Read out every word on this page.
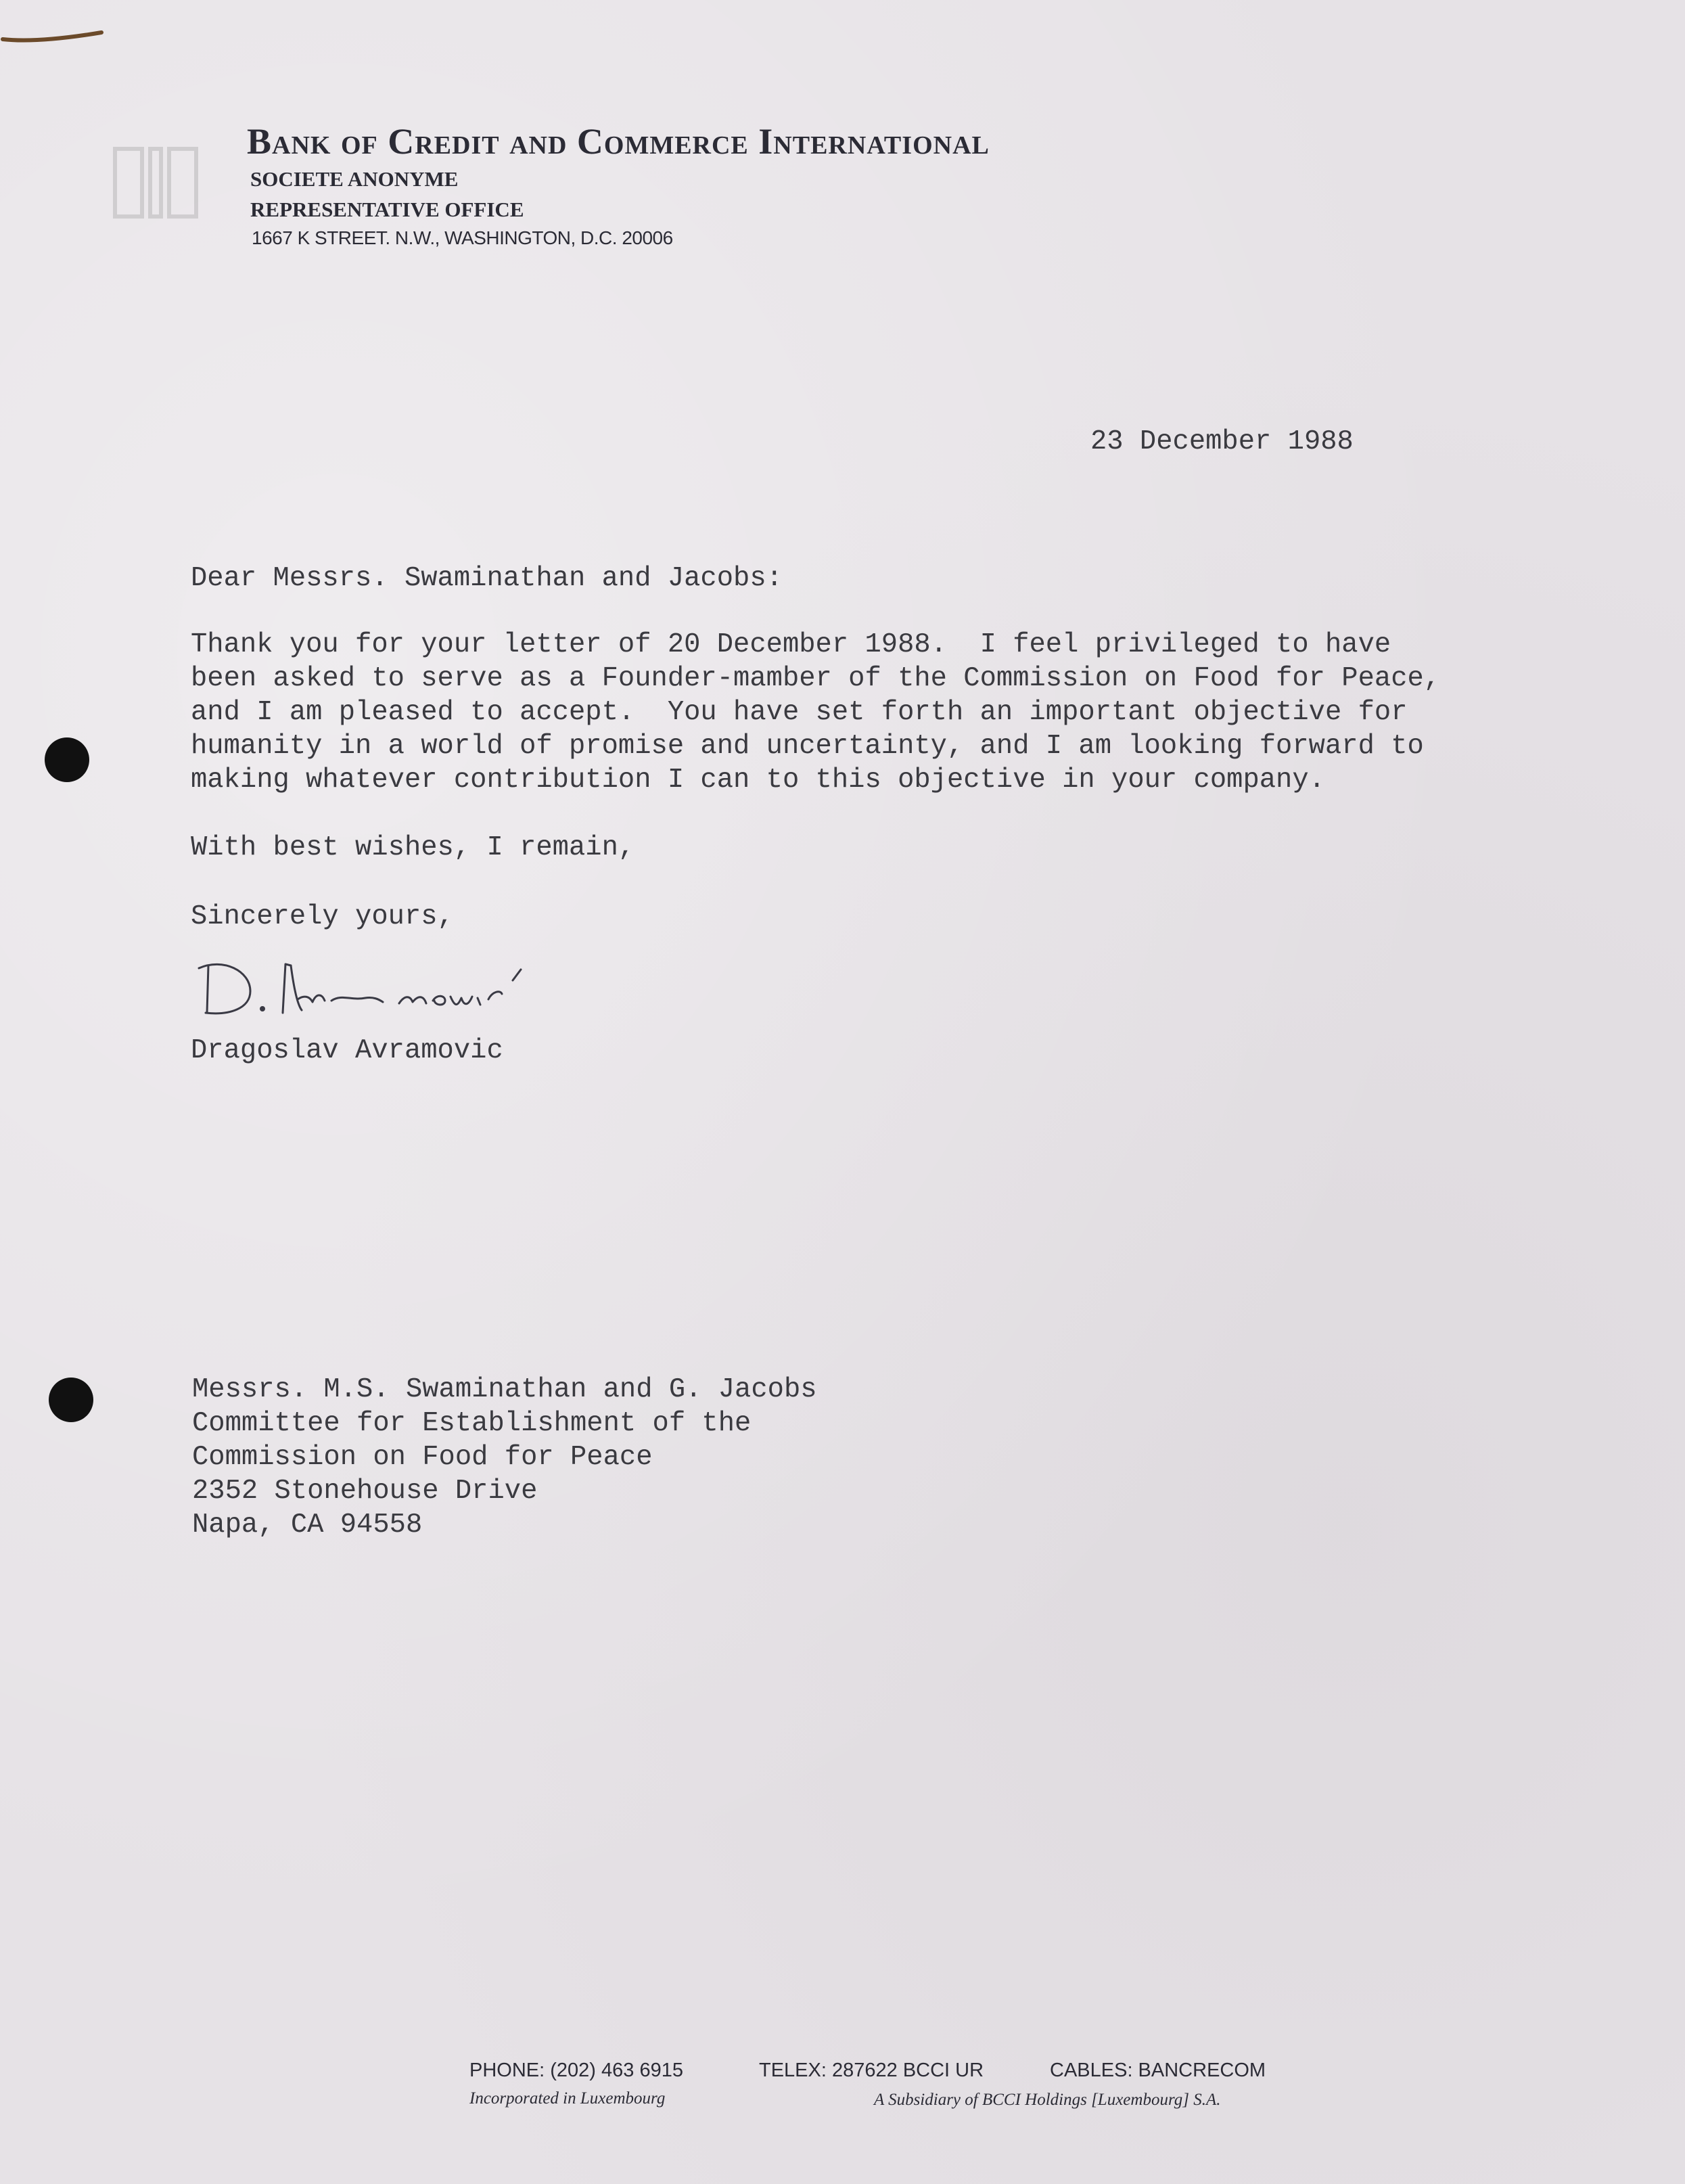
Bank of Credit and Commerce International
SOCIETE ANONYME
REPRESENTATIVE OFFICE
1667 K STREET. N.W., WASHINGTON, D.C. 20006
23 December 1988
Dear Messrs. Swaminathan and Jacobs:
Thank you for your letter of 20 December 1988.  I feel privileged to have
been asked to serve as a Founder-mamber of the Commission on Food for Peace,
and I am pleased to accept.  You have set forth an important objective for
humanity in a world of promise and uncertainty, and I am looking forward to
making whatever contribution I can to this objective in your company.
With best wishes, I remain,
Sincerely yours,
Dragoslav Avramovic
Messrs. M.S. Swaminathan and G. Jacobs
Committee for Establishment of the
Commission on Food for Peace
2352 Stonehouse Drive
Napa, CA 94558
PHONE: (202) 463 6915	TELEX: 287622 BCCI UR	CABLES: BANCRECOM
Incorporated in Luxembourg	A Subsidiary of BCCI Holdings [Luxembourg] S.A.
